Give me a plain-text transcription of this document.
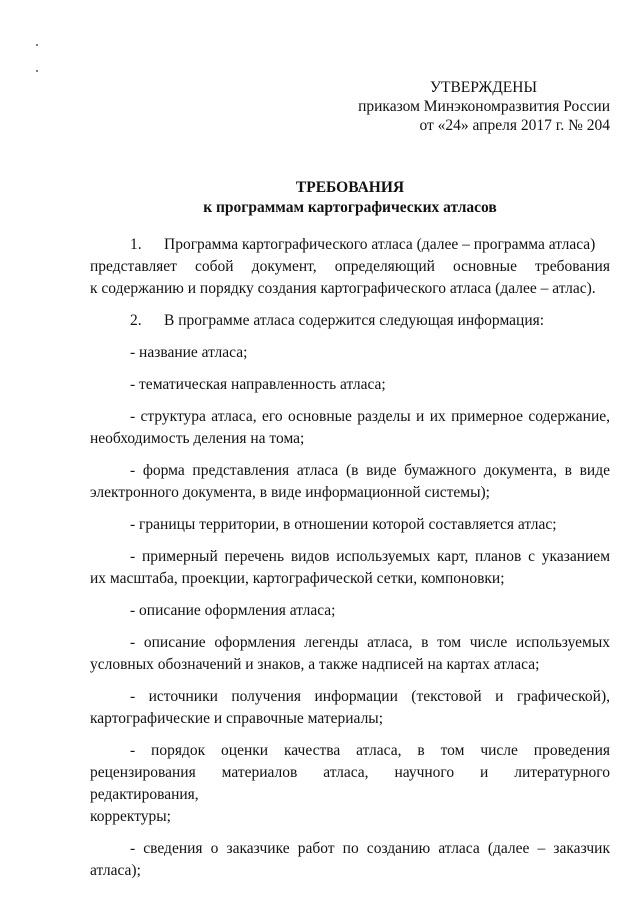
УТВЕРЖДЕНЫ
приказом Минэкономразвития России
от «24» апреля 2017 г. № 204
ТРЕБОВАНИЯ
к программам картографических атласов
1. Программа картографического атласа (далее – программа атласа)
представляет собой документ, определяющий основные требования
к содержанию и порядку создания картографического атласа (далее – атлас).
2. В программе атласа содержится следующая информация:
- название атласа;
- тематическая направленность атласа;
- структура атласа, его основные разделы и их примерное содержание,
необходимость деления на тома;
- форма представления атласа (в виде бумажного документа, в виде
электронного документа, в виде информационной системы);
- границы территории, в отношении которой составляется атлас;
- примерный перечень видов используемых карт, планов с указанием
их масштаба, проекции, картографической сетки, компоновки;
- описание оформления атласа;
- описание оформления легенды атласа, в том числе используемых
условных обозначений и знаков, а также надписей на картах атласа;
- источники получения информации (текстовой и графической),
картографические и справочные материалы;
- порядок оценки качества атласа, в том числе проведения
рецензирования материалов атласа, научного и литературного редактирования,
корректуры;
- сведения о заказчике работ по созданию атласа (далее – заказчик
атласа);
